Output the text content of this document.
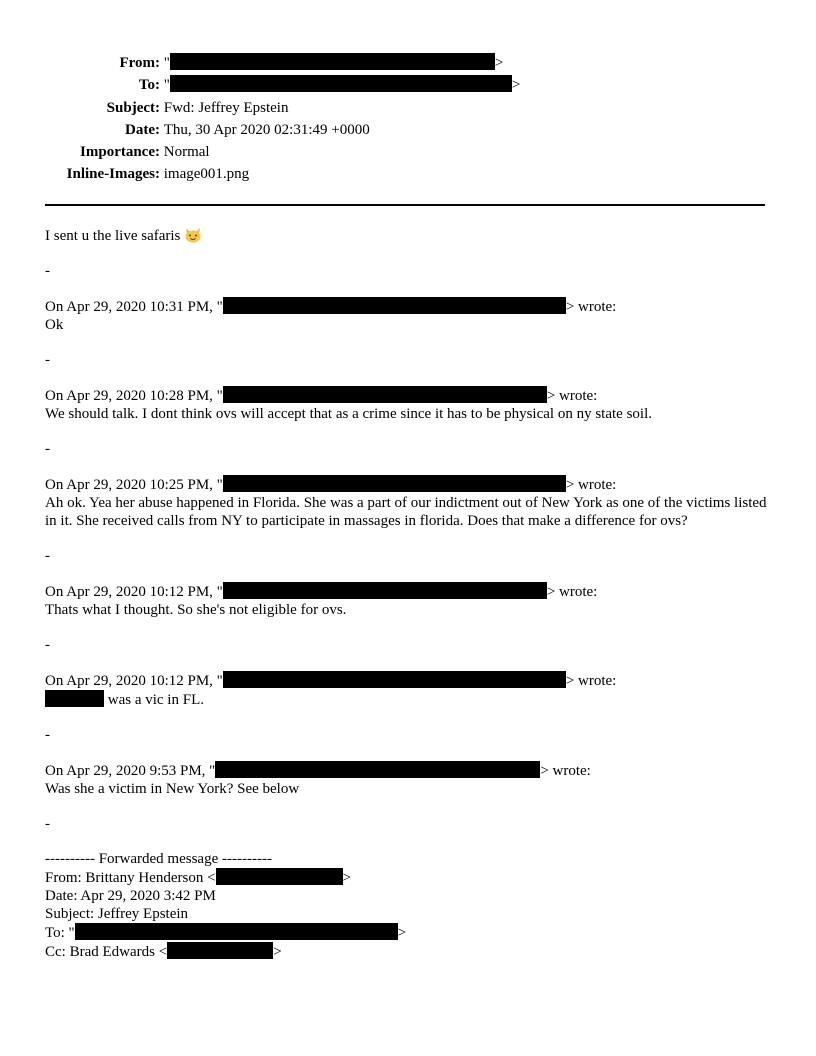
From: "	>
To: "	>
Subject: Fwd: Jeffrey Epstein
Date: Thu, 30 Apr 2020 02:31:49 +0000
Importance: Normal
Inline-Images: image001.png

I sent u the live safaris

-

On Apr 29, 2020 10:31 PM, "	> wrote:

Ok

-

On Apr 29, 2020 10:28 PM, "	> wrote:

We should talk. I dont think ovs will accept that as a crime since it has to be physical on ny state soil.

-

On Apr 29, 2020 10:25 PM, "	> wrote:

Ah ok. Yea her abuse happened in Florida. She was a part of our indictment out of New York as one of the victims listed in it. She received calls from NY to participate in massages in florida. Does that make a difference for ovs?

-

On Apr 29, 2020 10:12 PM, "	> wrote:

Thats what I thought. So she's not eligible for ovs.

-

On Apr 29, 2020 10:12 PM, "	> wrote:

was a vic in FL.

-

On Apr 29, 2020 9:53 PM, "	> wrote:

Was she a victim in New York? See below

-

---------- Forwarded message ----------

From: Brittany Henderson <	>

Date: Apr 29, 2020 3:42 PM

Subject: Jeffrey Epstein

To: "	>

Cc: Brad Edwards <	>
